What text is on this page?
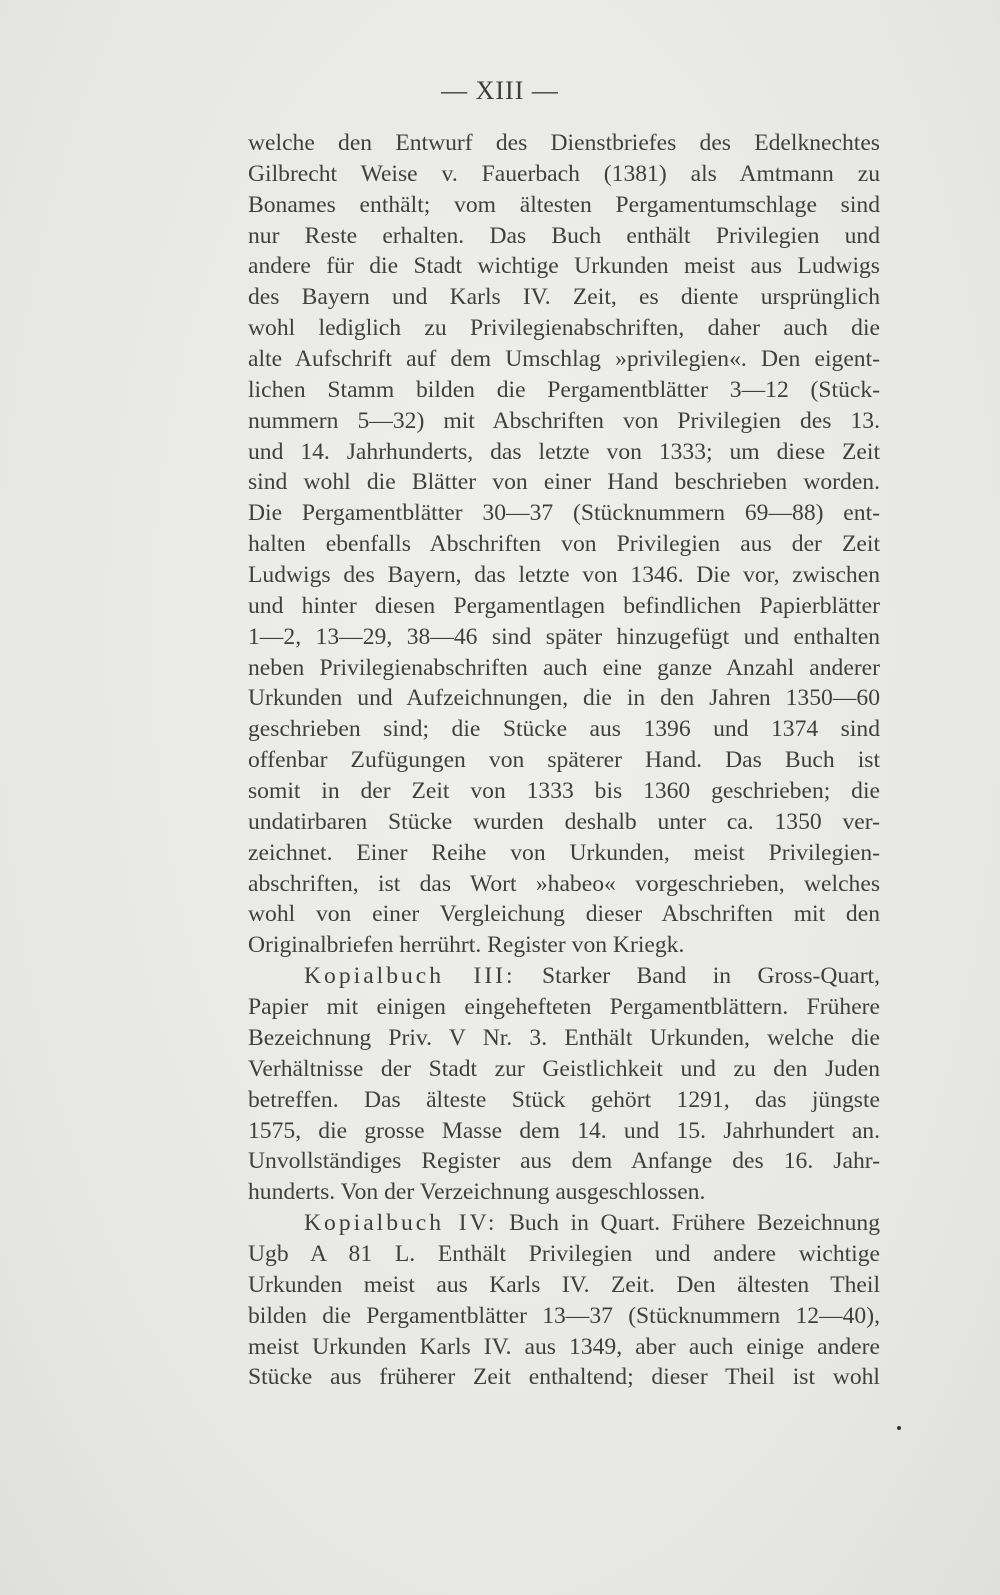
— XIII —
welche den Entwurf des Dienstbriefes des Edelknechtes
Gilbrecht Weise v. Fauerbach (1381) als Amtmann zu
Bonames enthält; vom ältesten Pergamentumschlage sind
nur Reste erhalten. Das Buch enthält Privilegien und
andere für die Stadt wichtige Urkunden meist aus Ludwigs
des Bayern und Karls IV. Zeit, es diente ursprünglich
wohl lediglich zu Privilegienabschriften, daher auch die
alte Aufschrift auf dem Umschlag »privilegien«. Den eigent-
lichen Stamm bilden die Pergamentblätter 3—12 (Stück-
nummern 5—32) mit Abschriften von Privilegien des 13.
und 14. Jahrhunderts, das letzte von 1333; um diese Zeit
sind wohl die Blätter von einer Hand beschrieben worden.
Die Pergamentblätter 30—37 (Stücknummern 69—88) ent-
halten ebenfalls Abschriften von Privilegien aus der Zeit
Ludwigs des Bayern, das letzte von 1346. Die vor, zwischen
und hinter diesen Pergamentlagen befindlichen Papierblätter
1—2, 13—29, 38—46 sind später hinzugefügt und enthalten
neben Privilegienabschriften auch eine ganze Anzahl anderer
Urkunden und Aufzeichnungen, die in den Jahren 1350—60
geschrieben sind; die Stücke aus 1396 und 1374 sind
offenbar Zufügungen von späterer Hand. Das Buch ist
somit in der Zeit von 1333 bis 1360 geschrieben; die
undatirbaren Stücke wurden deshalb unter ca. 1350 ver-
zeichnet. Einer Reihe von Urkunden, meist Privilegien-
abschriften, ist das Wort »habeo« vorgeschrieben, welches
wohl von einer Vergleichung dieser Abschriften mit den
Originalbriefen herrührt. Register von Kriegk.
Kopialbuch III: Starker Band in Gross-Quart,
Papier mit einigen eingehefteten Pergamentblättern. Frühere
Bezeichnung Priv. V Nr. 3. Enthält Urkunden, welche die
Verhältnisse der Stadt zur Geistlichkeit und zu den Juden
betreffen. Das älteste Stück gehört 1291, das jüngste
1575, die grosse Masse dem 14. und 15. Jahrhundert an.
Unvollständiges Register aus dem Anfange des 16. Jahr-
hunderts. Von der Verzeichnung ausgeschlossen.
Kopialbuch IV: Buch in Quart. Frühere Bezeichnung
Ugb A 81 L. Enthält Privilegien und andere wichtige
Urkunden meist aus Karls IV. Zeit. Den ältesten Theil
bilden die Pergamentblätter 13—37 (Stücknummern 12—40),
meist Urkunden Karls IV. aus 1349, aber auch einige andere
Stücke aus früherer Zeit enthaltend; dieser Theil ist wohl
